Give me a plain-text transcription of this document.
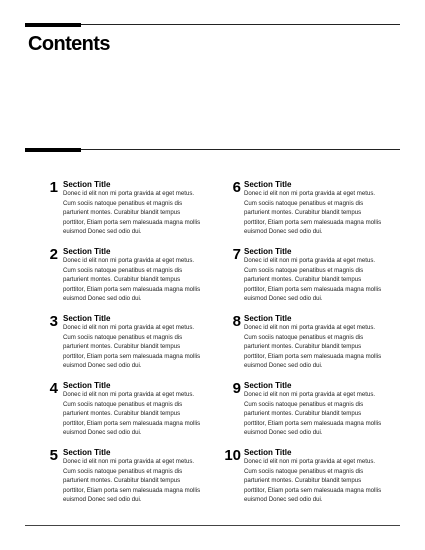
Contents
1 Section Title
Donec id elit non mi porta gravida at eget metus.
Cum sociis natoque penatibus et magnis dis
parturient montes. Curabitur blandit tempus
porttitor, Etiam porta sem malesuada magna mollis
euismod Donec sed odio dui.
2 Section Title
Donec id elit non mi porta gravida at eget metus.
Cum sociis natoque penatibus et magnis dis
parturient montes. Curabitur blandit tempus
porttitor, Etiam porta sem malesuada magna mollis
euismod Donec sed odio dui.
3 Section Title
Donec id elit non mi porta gravida at eget metus.
Cum sociis natoque penatibus et magnis dis
parturient montes. Curabitur blandit tempus
porttitor, Etiam porta sem malesuada magna mollis
euismod Donec sed odio dui.
4 Section Title
Donec id elit non mi porta gravida at eget metus.
Cum sociis natoque penatibus et magnis dis
parturient montes. Curabitur blandit tempus
porttitor, Etiam porta sem malesuada magna mollis
euismod Donec sed odio dui.
5 Section Title
Donec id elit non mi porta gravida at eget metus.
Cum sociis natoque penatibus et magnis dis
parturient montes. Curabitur blandit tempus
porttitor, Etiam porta sem malesuada magna mollis
euismod Donec sed odio dui.
6 Section Title
Donec id elit non mi porta gravida at eget metus.
Cum sociis natoque penatibus et magnis dis
parturient montes. Curabitur blandit tempus
porttitor, Etiam porta sem malesuada magna mollis
euismod Donec sed odio dui.
7 Section Title
Donec id elit non mi porta gravida at eget metus.
Cum sociis natoque penatibus et magnis dis
parturient montes. Curabitur blandit tempus
porttitor, Etiam porta sem malesuada magna mollis
euismod Donec sed odio dui.
8 Section Title
Donec id elit non mi porta gravida at eget metus.
Cum sociis natoque penatibus et magnis dis
parturient montes. Curabitur blandit tempus
porttitor, Etiam porta sem malesuada magna mollis
euismod Donec sed odio dui.
9 Section Title
Donec id elit non mi porta gravida at eget metus.
Cum sociis natoque penatibus et magnis dis
parturient montes. Curabitur blandit tempus
porttitor, Etiam porta sem malesuada magna mollis
euismod Donec sed odio dui.
10 Section Title
Donec id elit non mi porta gravida at eget metus.
Cum sociis natoque penatibus et magnis dis
parturient montes. Curabitur blandit tempus
porttitor, Etiam porta sem malesuada magna mollis
euismod Donec sed odio dui.
